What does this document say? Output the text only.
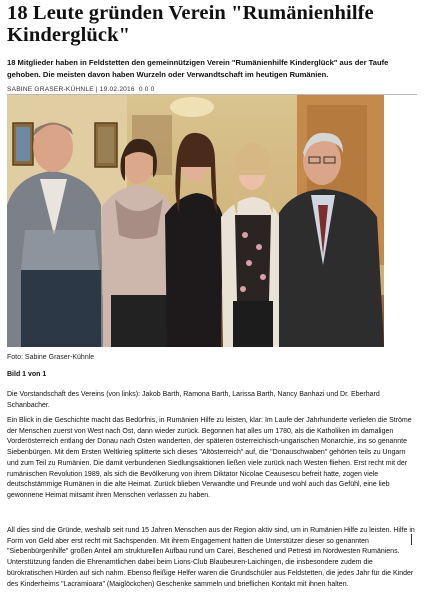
18 Leute gründen Verein "Rumänienhilfe Kinderglück"

18 Mitglieder haben in Feldstetten den gemeinnützigen Verein "Rumänienhilfe Kinderglück" aus der Taufe gehoben. Die meisten davon haben Wurzeln oder Verwandtschaft im heutigen Rumänien.

SABINE GRASER-KÜHNLE | 19.02.2016 0 0 0
Foto: Sabine Graser-Kühnle
Bild 1 von 1

Die Vorstandschaft des Vereins (von links): Jakob Barth, Ramona Barth, Larissa Barth, Nancy Banhazi und Dr. Eberhard Schanbacher.

Ein Blick in die Geschichte macht das Bedürfnis, in Rumänien Hilfe zu leisten, klar: Im Laufe der Jahrhunderte verliefen die Ströme der Menschen zuerst von West nach Ost, dann wieder zurück. Begonnen hat alles um 1780, als die Katholiken im damaligen Vorderösterreich entlang der Donau nach Osten wanderten, der späteren österreichisch-ungarischen Monarchie, ins so genannte Siebenbürgen. Mit dem Ersten Weltkrieg splitterte sich dieses "Altösterreich" auf, die "Donauschwaben" gehörten teils zu Ungarn und zum Teil zu Rumänien. Die damit verbundenen Siedlungsaktionen ließen viele zurück nach Westen fliehen. Erst recht mit der rumänischen Revolution 1989, als sich die Bevölkerung von ihrem Diktator Nicolae Ceausescu befreit hatte, zogen viele deutschstämmige Rumänen in die alte Heimat. Zurück blieben Verwandte und Freunde und wohl auch das Gefühl, eine lieb gewonnene Heimat mitsamt ihren Menschen verlassen zu haben.

All dies sind die Gründe, weshalb seit rund 15 Jahren Menschen aus der Region aktiv sind, um in Rumänien Hilfe zu leisten. Hilfe in Form von Geld aber erst recht mit Sachspenden. Mit ihrem Engagement hatten die Unterstützer dieser so genannten "Siebenbürgenhilfe" großen Anteil am strukturellen Aufbau rund um Carei, Beschened und Petresti im Nordwesten Rumäniens. Unterstützung fanden die Ehrenamtlichen dabei beim Lions-Club Blaubeuren-Laichingen, die insbesondere zudem die bürokratischen Hürden auf sich nahm. Ebenso fleißige Helfer waren die Grundschüler aus Feldstetten, die jedes Jahr für die Kinder des Kinderheims "Lacramioara" (Maiglöckchen) Geschenke sammeln und brieflichen Kontakt mit ihnen halten.
